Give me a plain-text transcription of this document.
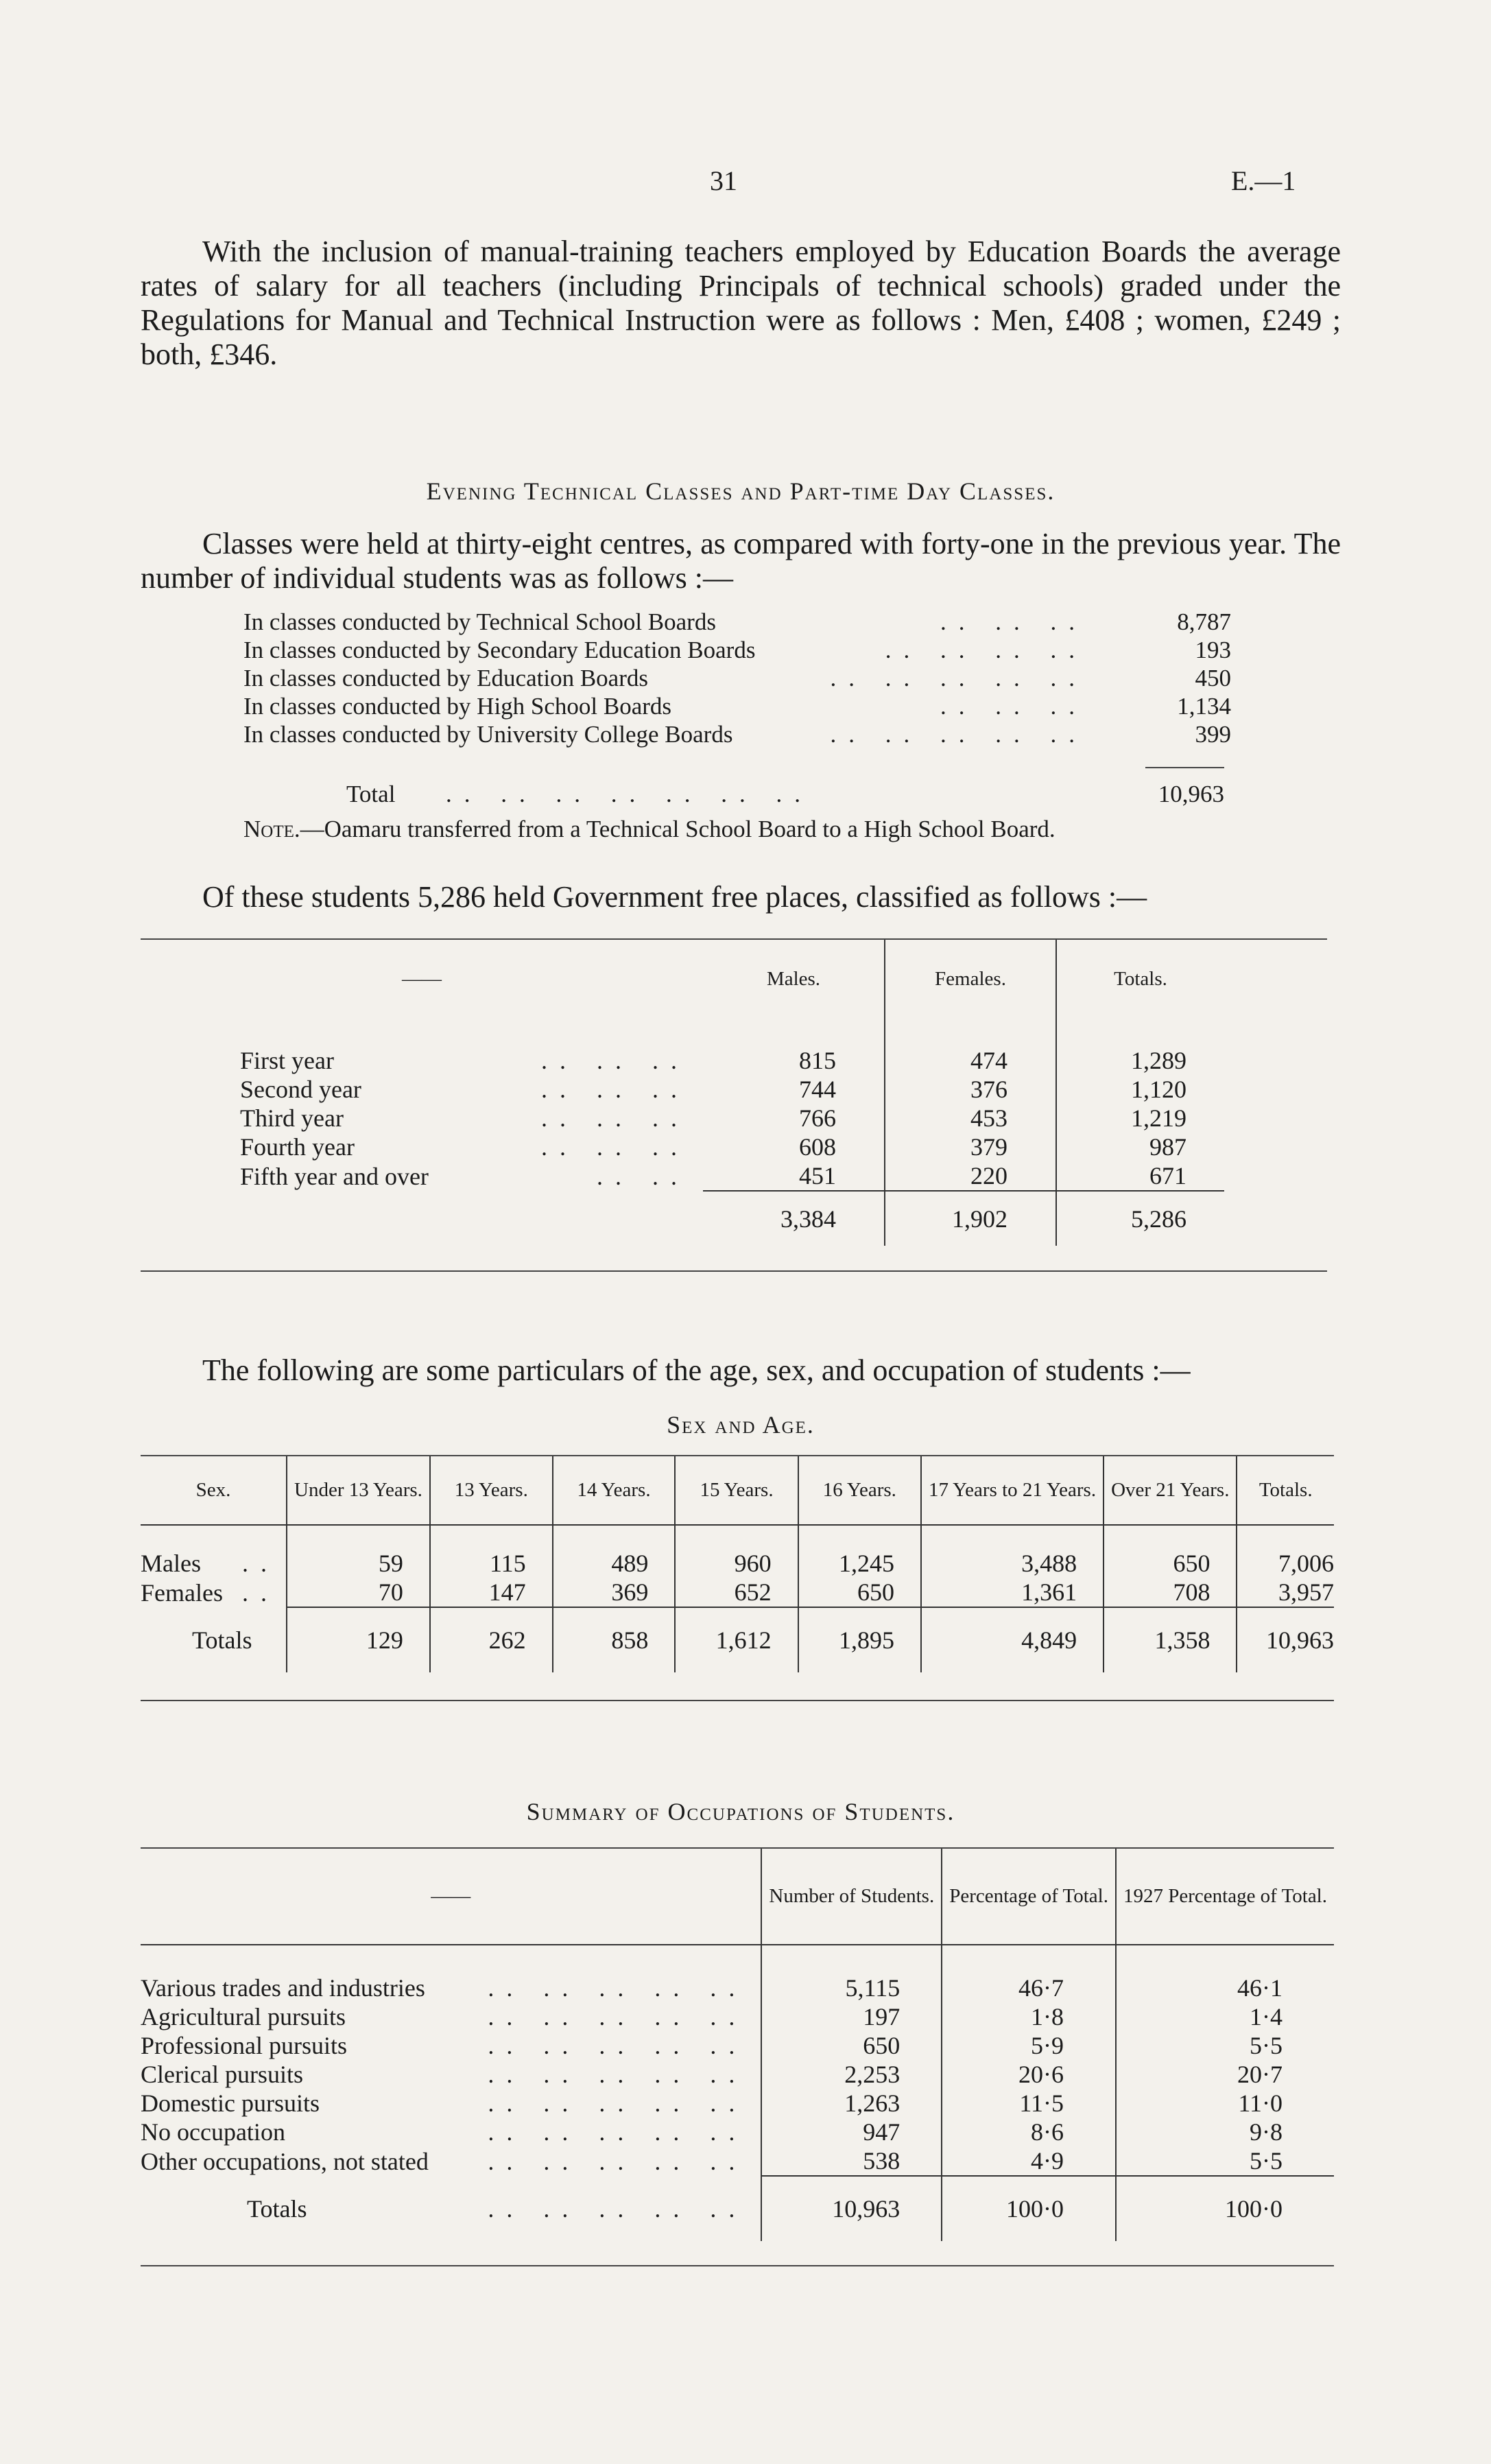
31	E.—1
With the inclusion of manual-training teachers employed by Education Boards the average rates of salary for all teachers (including Principals of technical schools) graded under the Regulations for Manual and Technical Instruction were as follows : Men, £408 ; women, £249 ; both, £346.
Evening Technical Classes and Part-time Day Classes.
Classes were held at thirty-eight centres, as compared with forty-one in the previous year. The number of individual students was as follows :—
In classes conducted by Technical School Boards .. .. ..	8,787
In classes conducted by Secondary Education Boards .. .. .. ..	193
In classes conducted by Education Boards .. .. .. .. ..	450
In classes conducted by High School Boards .. .. ..	1,134
In classes conducted by University College Boards .. .. .. .. ..	399
Total .. .. .. .. .. .. ..	10,963
Note.—Oamaru transferred from a Technical School Board to a High School Board.
Of these students 5,286 held Government free places, classified as follows :—
——	Males.	Females.	Totals.

First year .. .. ..	815	474	1,289
Second year .. .. ..	744	376	1,120
Third year .. .. ..	766	453	1,219
Fourth year .. .. ..	608	379	987
Fifth year and over .. ..	451	220	671
	3,384	1,902	5,286
The following are some particulars of the age, sex, and occupation of students :—
Sex and Age.
Sex.	Under 13 Years.	13 Years.	14 Years.	15 Years.	16 Years.	17 Years to 21 Years.	Over 21 Years.	Totals.

Males ..	59	115	489	960	1,245	3,488	650	7,006
Females ..	70	147	369	652	650	1,361	708	3,957
Totals	129	262	858	1,612	1,895	4,849	1,358	10,963
Summary of Occupations of Students.
——	Number of Students.	Percentage of Total.	1927 Percentage of Total.

Various trades and industries .. .. .. .. ..	5,115	46·7	46·1
Agricultural pursuits .. .. .. .. ..	197	1·8	1·4
Professional pursuits .. .. .. .. ..	650	5·9	5·5
Clerical pursuits .. .. .. .. ..	2,253	20·6	20·7
Domestic pursuits .. .. .. .. ..	1,263	11·5	11·0
No occupation .. .. .. .. ..	947	8·6	9·8
Other occupations, not stated .. .. .. .. ..	538	4·9	5·5
Totals .. .. .. .. ..	10,963	100·0	100·0
